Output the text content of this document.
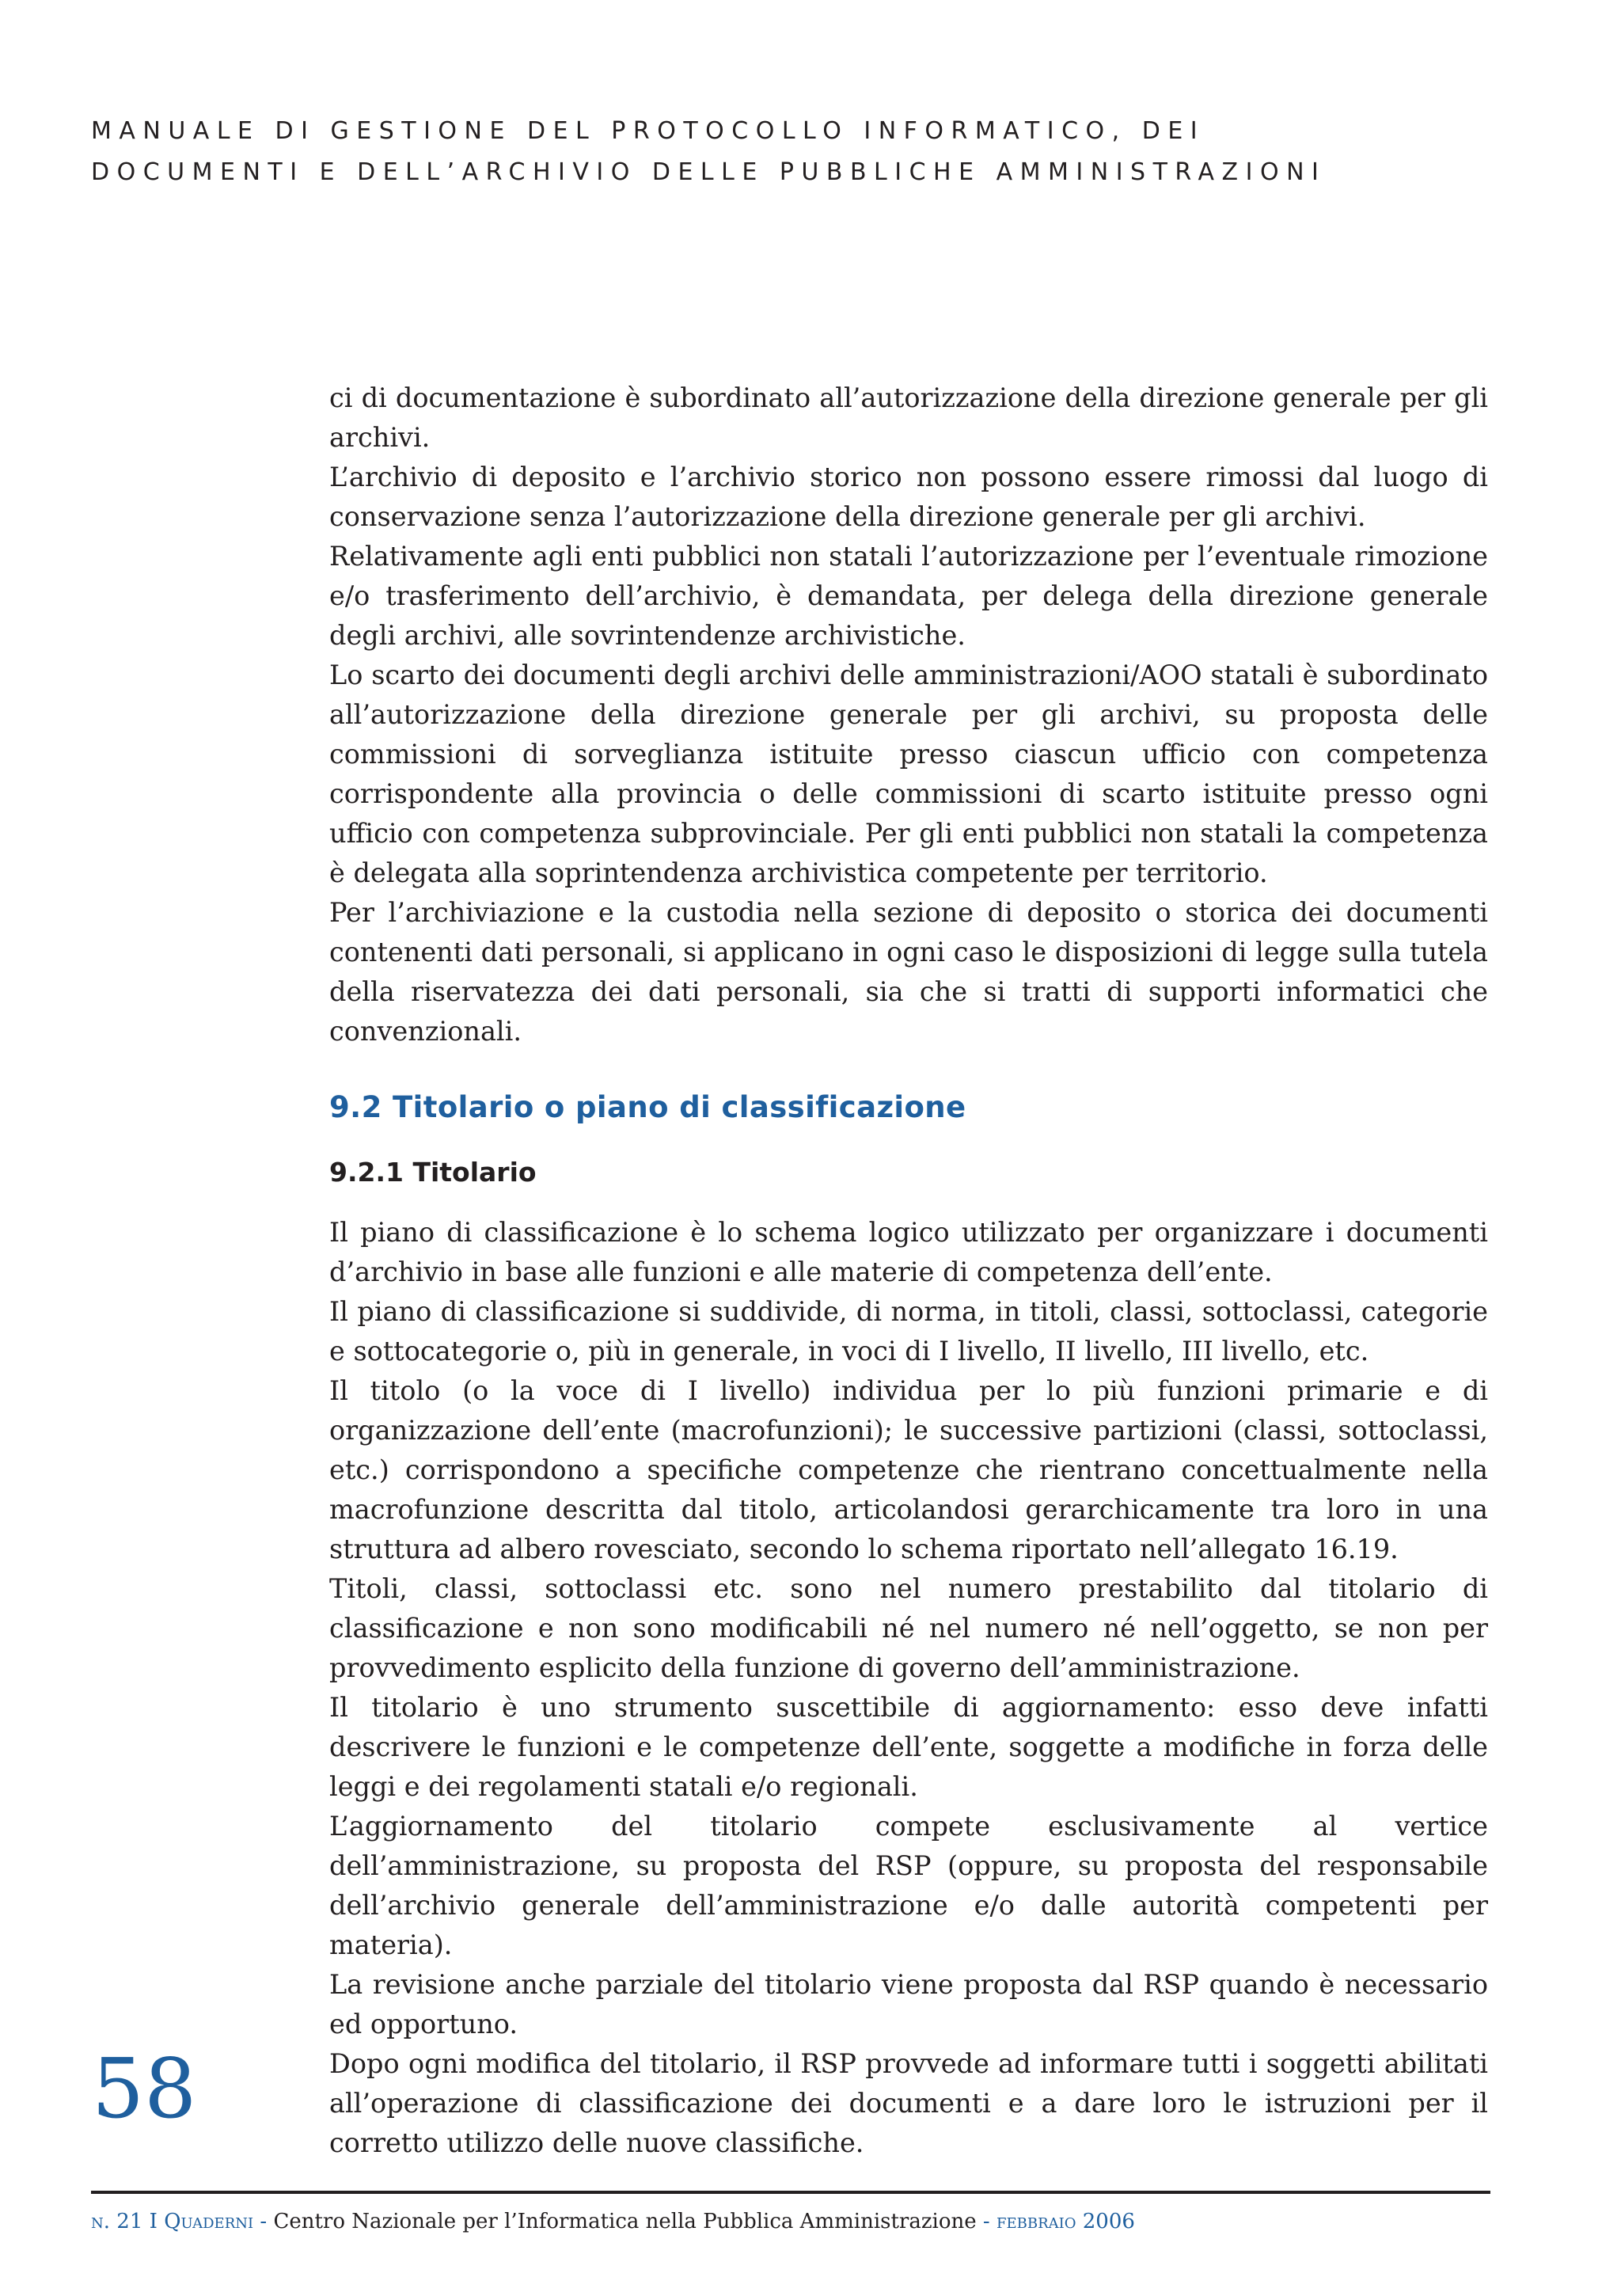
MANUALE DI GESTIONE DEL PROTOCOLLO INFORMATICO, DEI
DOCUMENTI E DELL’ARCHIVIO DELLE PUBBLICHE AMMINISTRAZIONI

ci di documentazione è subordinato all’autorizzazione della direzione generale per gli archivi.

L’archivio di deposito e l’archivio storico non possono essere rimossi dal luogo di conservazione senza l’autorizzazione della direzione generale per gli archivi.

Relativamente agli enti pubblici non statali l’autorizzazione per l’eventuale rimozione e/o trasferimento dell’archivio, è demandata, per delega della direzione generale degli archivi, alle sovrintendenze archivistiche.

Lo scarto dei documenti degli archivi delle amministrazioni/AOO statali è subordinato all’autorizzazione della direzione generale per gli archivi, su proposta delle commissioni di sorveglianza istituite presso ciascun ufficio con competenza corrispondente alla provincia o delle commissioni di scarto istituite presso ogni ufficio con competenza subprovinciale. Per gli enti pubblici non statali la competenza è delegata alla soprintendenza archivistica competente per territorio.

Per l’archiviazione e la custodia nella sezione di deposito o storica dei documenti contenenti dati personali, si applicano in ogni caso le disposizioni di legge sulla tutela della riservatezza dei dati personali, sia che si tratti di supporti informatici che convenzionali.

9.2 Titolario o piano di classificazione
9.2.1 Titolario

Il piano di classificazione è lo schema logico utilizzato per organizzare i documenti d’archivio in base alle funzioni e alle materie di competenza dell’ente.

Il piano di classificazione si suddivide, di norma, in titoli, classi, sottoclassi, categorie e sottocategorie o, più in generale, in voci di I livello, II livello, III livello, etc.

Il titolo (o la voce di I livello) individua per lo più funzioni primarie e di organizzazione dell’ente (macrofunzioni); le successive partizioni (classi, sottoclassi, etc.) corrispondono a specifiche competenze che rientrano concettualmente nella macrofunzione descritta dal titolo, articolandosi gerarchicamente tra loro in una struttura ad albero rovesciato, secondo lo schema riportato nell’allegato 16.19.

Titoli, classi, sottoclassi etc. sono nel numero prestabilito dal titolario di classificazione e non sono modificabili né nel numero né nell’oggetto, se non per provvedimento esplicito della funzione di governo dell’amministrazione.

Il titolario è uno strumento suscettibile di aggiornamento: esso deve infatti descrivere le funzioni e le competenze dell’ente, soggette a modifiche in forza delle leggi e dei regolamenti statali e/o regionali.

L’aggiornamento del titolario compete esclusivamente al vertice dell’amministrazione, su proposta del RSP (oppure, su proposta del responsabile dell’archivio generale dell’amministrazione e/o dalle autorità competenti per materia).

La revisione anche parziale del titolario viene proposta dal RSP quando è necessario ed opportuno.

Dopo ogni modifica del titolario, il RSP provvede ad informare tutti i soggetti abilitati all’operazione di classificazione dei documenti e a dare loro le istruzioni per il corretto utilizzo delle nuove classifiche.

58
n. 21 I Quaderni - Centro Nazionale per l’Informatica nella Pubblica Amministrazione - febbraio 2006
